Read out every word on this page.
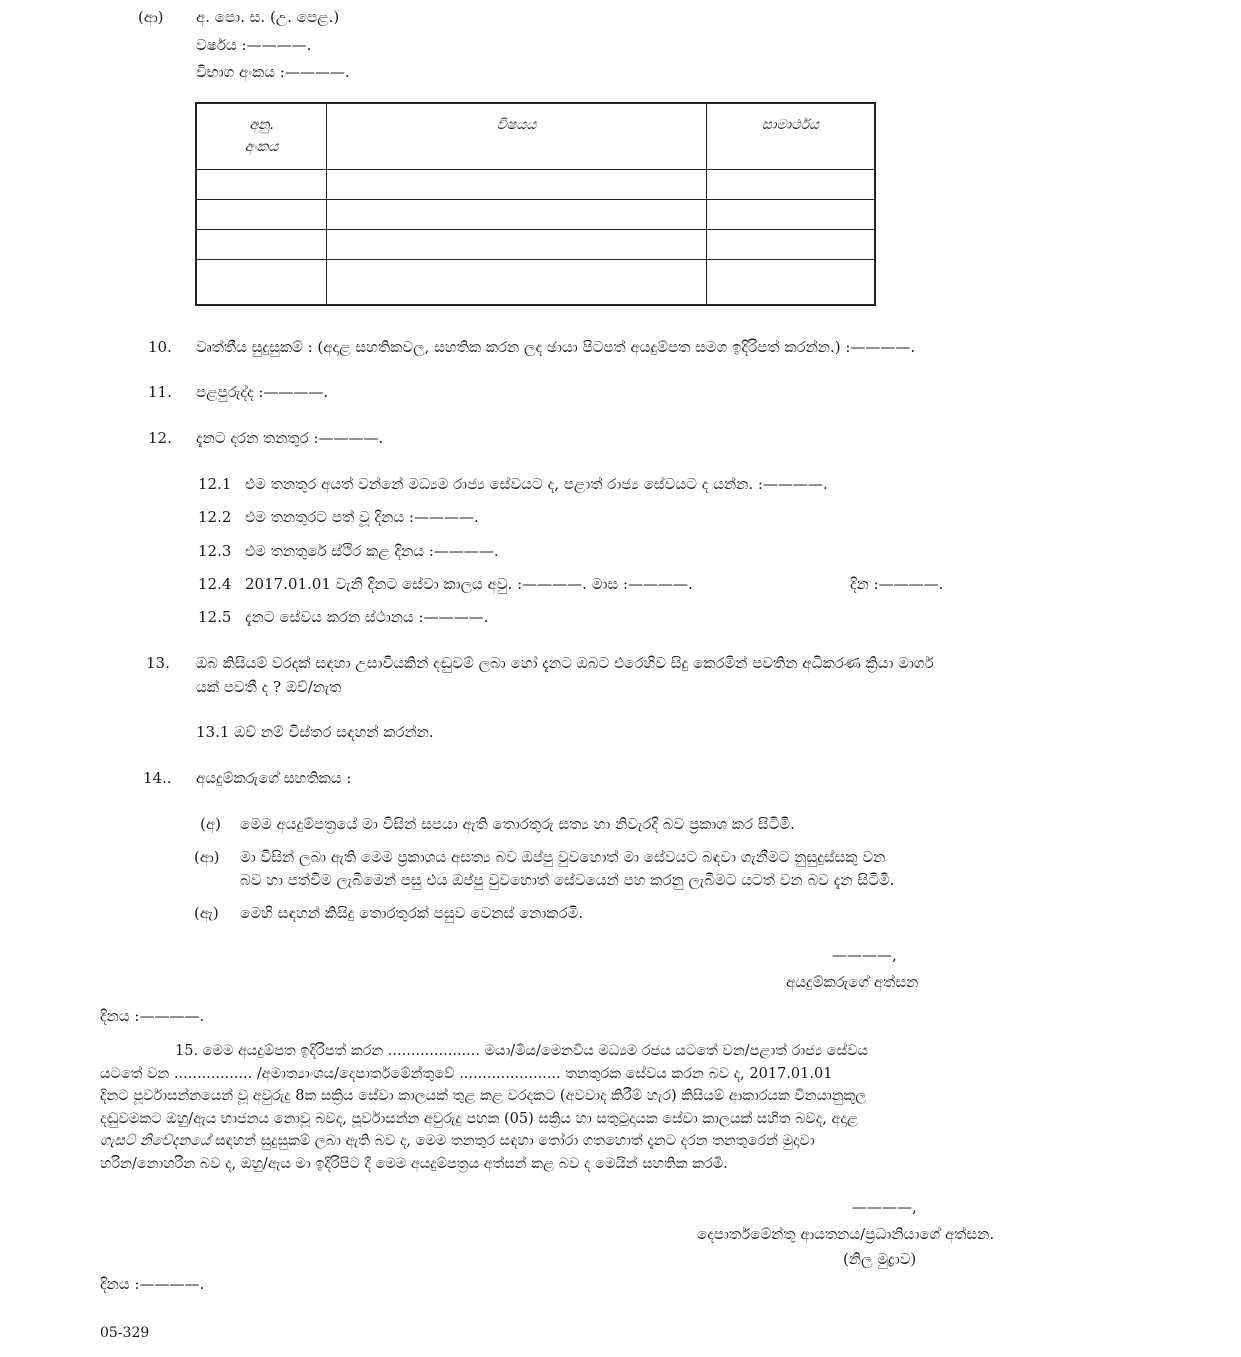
(ආ) අ. පො. ස. (උ. පෙළ.)
වර්ෂය :————.
විභාග අංකය :————.
අනු.
අංකය	විෂයය	සාමාර්ථය

10. වෘත්තීය සුදුසුකම් : (අදාළ සහතිකවල, සහතික කරන ලද ඡායා පිටපත් අයදුම්පත සමග ඉදිරිපත් කරන්න.) :————.
11. පළපුරුද්ද :————.
12. දැනට දරන තනතුර :————.
12.1 එම තනතුර අයත් වන්නේ මධ්‍යම රාජ්‍ය සේවයට ද, පළාත් රාජ්‍ය සේවයට ද යන්න. :————.
12.2 එම තනතුරට පත් වූ දිනය :————.
12.3 එම තනතුරේ ස්ථිර කළ දිනය :————.
12.4 2017.01.01 වැනි දිනට සේවා කාලය අවු. :————. මාස :————.	දින :————.
12.5 දැනට සේවය කරන ස්ථානය :————.
13. ඔබ කිසියම් වරදක් සඳහා උසාවියකින් දඬුවම් ලබා හෝ දැනට ඔබට එරෙහිව සිදු කෙරමින් පවතින අධිකරණ ක්‍රියා මාර්ග
යක් පවතී ද ? ඔව්/නැත
13.1 ඔව් නම් විස්තර සඳහන් කරන්න.
14.. අයදුම්කරුගේ සහතිකය :
(අ) මෙම අයදුම්පත්‍රයේ මා විසින් සපයා ඇති තොරතුරු සත්‍ය හා නිවැරදි බව ප්‍රකාශ කර සිටිමි.
(ආ) මා විසින් ලබා ඇති මෙම ප්‍රකාශය අසත්‍ය බව ඔප්පු වුවහොත් මා සේවයට බඳවා ගැනීමට නුසුදුස්සකු වන
බව හා පත්වීම ලැබීමෙන් පසු එය ඔප්පු වුවහොත් සේවයෙන් පහ කරනු ලැබීමට යටත් වන බව දැන සිටිමි.
(ඇ) මෙහි සඳහන් කිසිදු තොරතුරක් පසුව වෙනස් නොකරමි.
————,
අයදුම්කරුගේ අත්සන
දිනය :————.
15. මෙම අයදුම්පත ඉදිරිපත් කරන .................... මයා/මිය/මෙනවිය මධ්‍යම රජය යටතේ වන/පළාත් රාජ්‍ය සේවය
යටතේ වන ................. /අමාත්‍යාංශය/දෙපාර්තමේන්තුවේ ...................... තනතුරක සේවය කරන බව ද, 2017.01.01
දිනට පූර්වාසන්නයෙන් වූ අවුරුදු 8ක සක්‍රිය සේවා කාලයක් තුළ කළ වරදකට (අවවාද කිරීම් හැර) කිසියම් ආකාරයක විනයානුකූල
දඬුවමකට ඔහු/ඇය භාජනය නොවූ බවද, පූර්වාසන්න අවුරුදු පහක (05) සක්‍රිය හා සතුටුදායක සේවා කාලයක් සහිත බවද, අදාළ
ගැසට් නිවේදනයේ සඳහන් සුදුසුකම් ලබා ඇති බව ද, මෙම තනතුර සඳහා තෝරා ගතහොත් දැනට දරන තනතුරෙන් මුදාවා
හරින/නොහරින බව ද, ඔහු/ඇය මා ඉදිරිපිට දී මෙම අයදුම්පත්‍රය අත්සන් කළ බව ද මෙයින් සහතික කරමි.
————,
දෙපාර්තමේන්තු ආයතනය/ප්‍රධානියාගේ අත්සන.
(නිල මුද්‍රාව)
දිනය :————.
05-329
